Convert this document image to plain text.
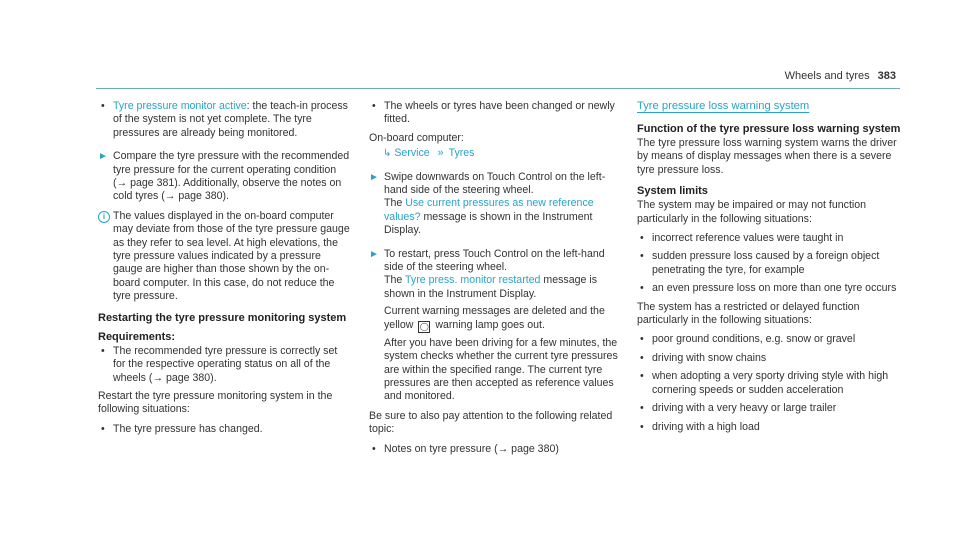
Wheels and tyres 383
• Tyre pressure monitor active: the teach-in process of the system is not yet complete. The tyre pressures are already being monitored.
► Compare the tyre pressure with the recommended tyre pressure for the current operating condition (→ page 381). Additionally, observe the notes on cold tyres (→ page 380).
i The values displayed in the on-board computer may deviate from those of the tyre pressure gauge as they refer to sea level. At high elevations, the tyre pressure values indicated by a pressure gauge are higher than those shown by the on-board computer. In this case, do not reduce the tyre pressure.
Restarting the tyre pressure monitoring system
Requirements:
• The recommended tyre pressure is correctly set for the respective operating status on all of the wheels (→ page 380).

Restart the tyre pressure monitoring system in the following situations:

• The tyre pressure has changed.
• The wheels or tyres have been changed or newly fitted.

On-board computer:

↳ Service » Tyres
► Swipe downwards on Touch Control on the left-hand side of the steering wheel.
The Use current pressures as new reference values? message is shown in the Instrument Display.
► To restart, press Touch Control on the left-hand side of the steering wheel.
The Tyre press. monitor restarted message is shown in the Instrument Display.
Current warning messages are deleted and the yellow ◯ warning lamp goes out.
After you have been driving for a few minutes, the system checks whether the current tyre pressures are within the specified range. The current tyre pressures are then accepted as reference values and monitored.

Be sure to also pay attention to the following related topic:

• Notes on tyre pressure (→ page 380)
Tyre pressure loss warning system
Function of the tyre pressure loss warning system

The tyre pressure loss warning system warns the driver by means of display messages when there is a severe tyre pressure loss.

System limits

The system may be impaired or may not function particularly in the following situations:

• incorrect reference values were taught in
• sudden pressure loss caused by a foreign object penetrating the tyre, for example
• an even pressure loss on more than one tyre occurs

The system has a restricted or delayed function particularly in the following situations:

• poor ground conditions, e.g. snow or gravel
• driving with snow chains
• when adopting a very sporty driving style with high cornering speeds or sudden acceleration
• driving with a very heavy or large trailer
• driving with a high load
